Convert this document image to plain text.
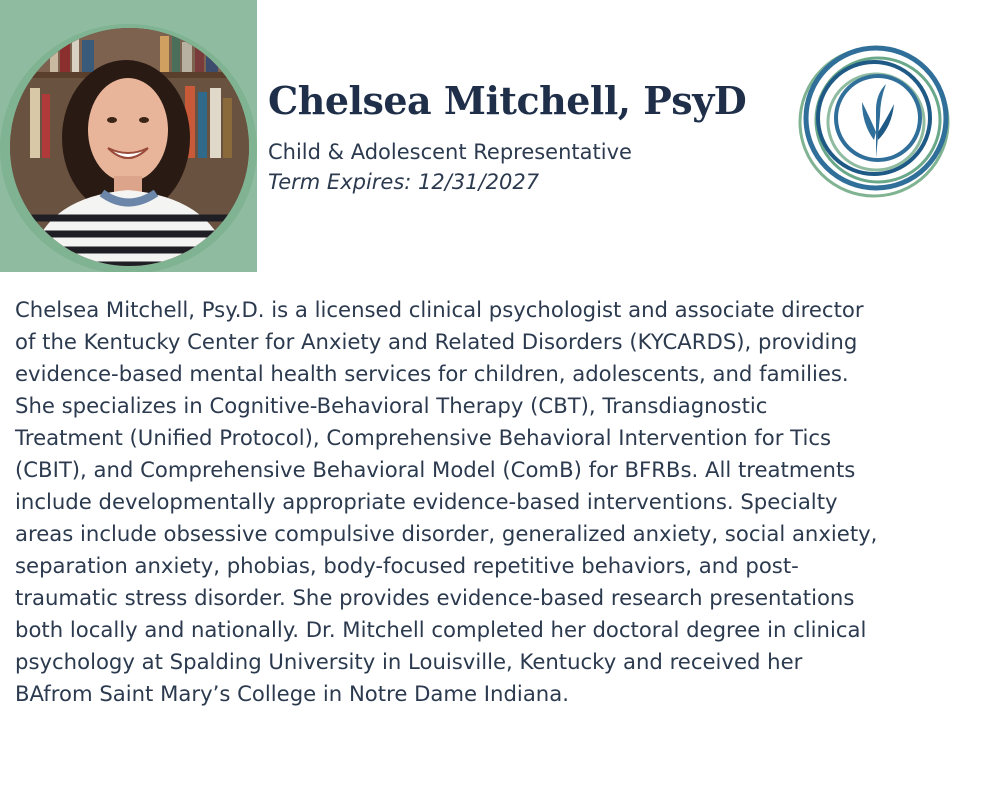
Chelsea Mitchell, PsyD

Child & Adolescent Representative

Term Expires: 12/31/2027

Chelsea Mitchell, Psy.D. is a licensed clinical psychologist and associate director
of the Kentucky Center for Anxiety and Related Disorders (KYCARDS), providing
evidence-based mental health services for children, adolescents, and families.
She specializes in Cognitive-Behavioral Therapy (CBT), Transdiagnostic
Treatment (Unified Protocol), Comprehensive Behavioral Intervention for Tics
(CBIT), and Comprehensive Behavioral Model (ComB) for BFRBs. All treatments
include developmentally appropriate evidence-based interventions. Specialty
areas include obsessive compulsive disorder, generalized anxiety, social anxiety,
separation anxiety, phobias, body-focused repetitive behaviors, and post-
traumatic stress disorder. She provides evidence-based research presentations
both locally and nationally. Dr. Mitchell completed her doctoral degree in clinical
psychology at Spalding University in Louisville, Kentucky and received her
BAfrom Saint Mary’s College in Notre Dame Indiana.
